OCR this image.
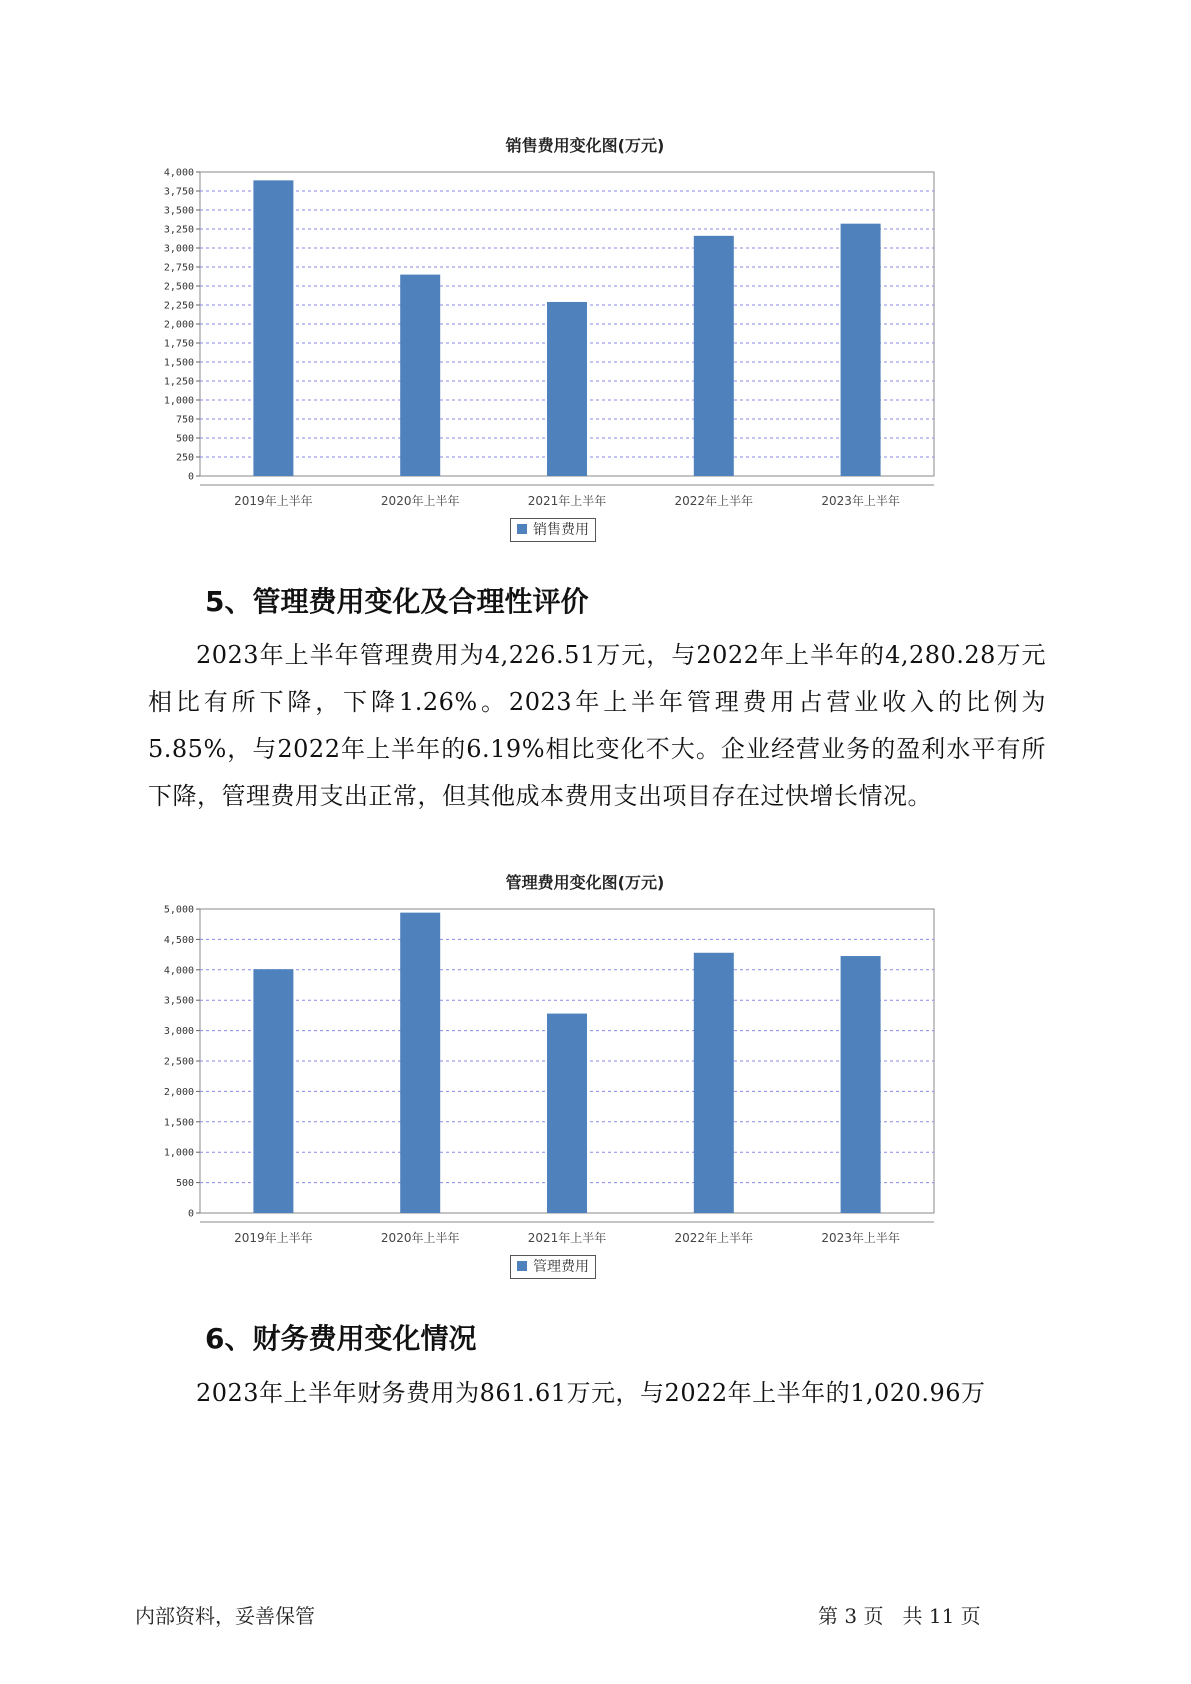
销售费用变化图(万元)
0
250
500
750
1,000
1,250
1,500
1,750
2,000
2,250
2,500
2,750
3,000
3,250
3,500
3,750
4,000
2019年上半年	2020年上半年	2021年上半年	2022年上半年	2023年上半年
销售费用
5、管理费用变化及合理性评价
2023年上半年管理费用为4,226.51万元，与2022年上半年的4,280.28万元相比有所下降，下降1.26%。2023年上半年管理费用占营业收入的比例为5.85%，与2022年上半年的6.19%相比变化不大。企业经营业务的盈利水平有所下降，管理费用支出正常，但其他成本费用支出项目存在过快增长情况。
管理费用变化图(万元)
0
500
1,000
1,500
2,000
2,500
3,000
3,500
4,000
4,500
5,000
2019年上半年	2020年上半年	2021年上半年	2022年上半年	2023年上半年
管理费用
6、财务费用变化情况
2023年上半年财务费用为861.61万元，与2022年上半年的1,020.96万
内部资料，妥善保管	第 3 页   共 11 页
